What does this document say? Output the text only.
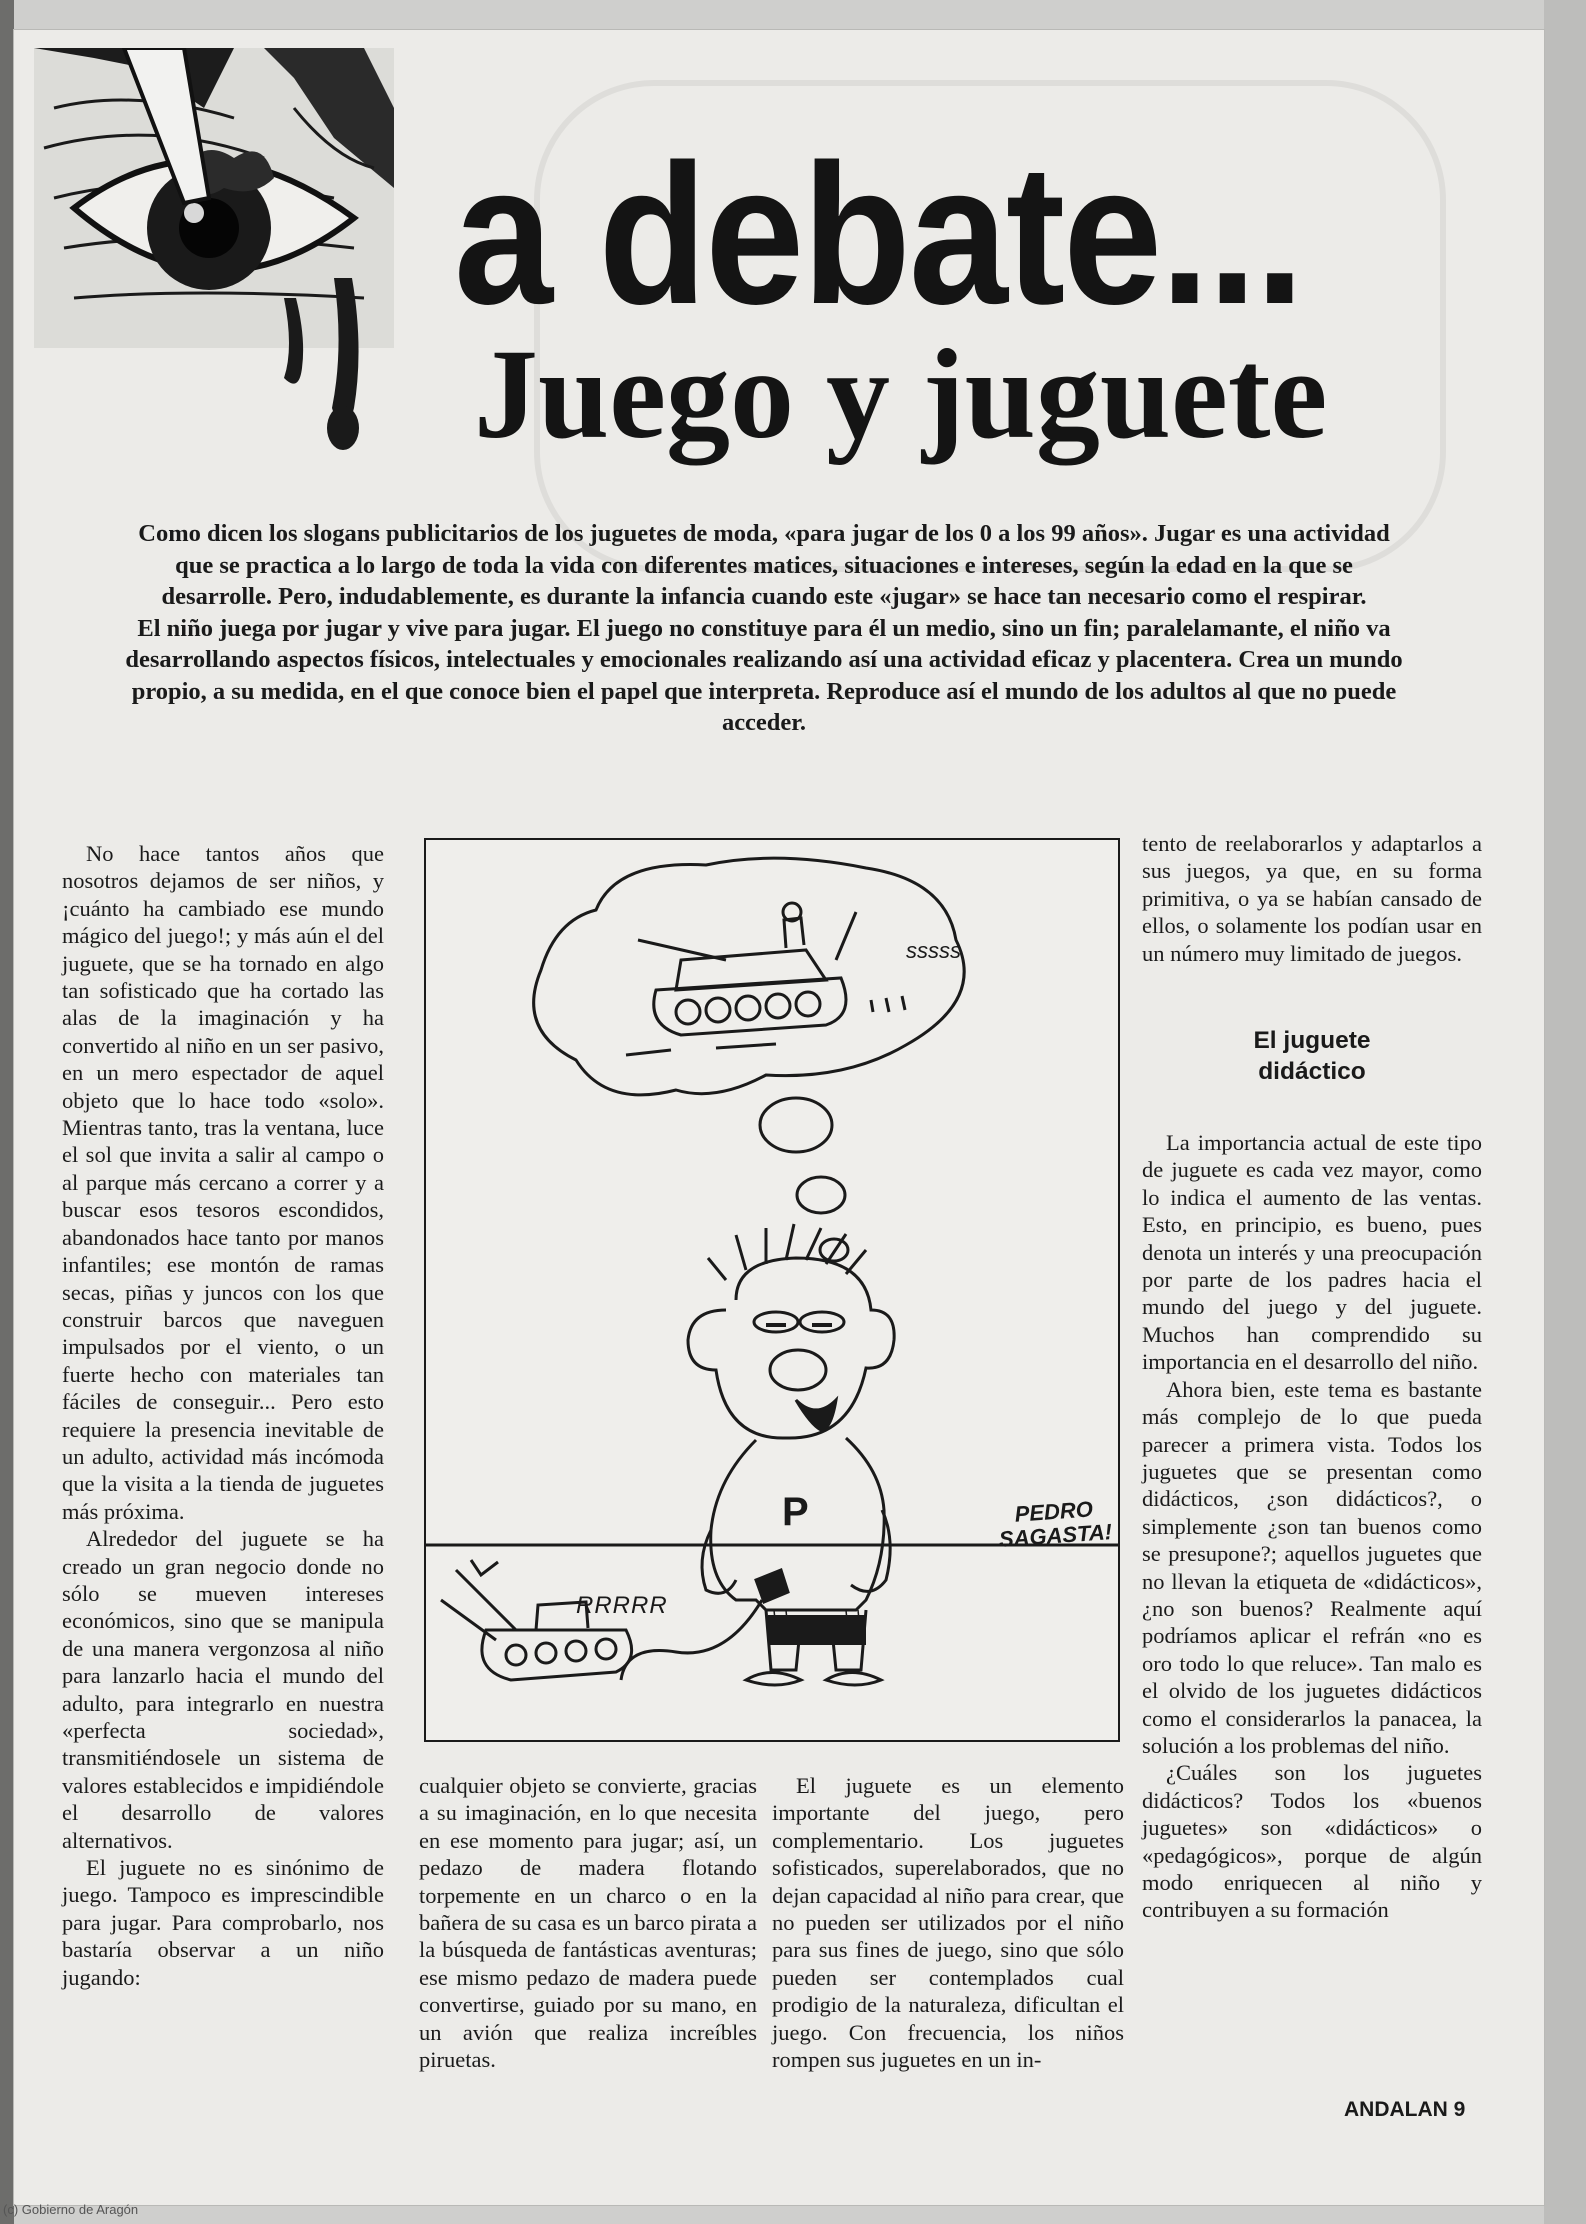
a debate...
Juego y juguete

Como dicen los slogans publicitarios de los juguetes de moda, «para jugar de los 0 a los 99 años». Jugar es una actividad que se practica a lo largo de toda la vida con diferentes matices, situaciones e intereses, según la edad en la que se desarrolle. Pero, indudablemente, es durante la infancia cuando este «jugar» se hace tan necesario como el respirar.

El niño juega por jugar y vive para jugar. El juego no constituye para él un medio, sino un fin; paralelamante, el niño va desarrollando aspectos físicos, intelectuales y emocionales realizando así una actividad eficaz y placentera. Crea un mundo propio, a su medida, en el que conoce bien el papel que interpreta. Reproduce así el mundo de los adultos al que no puede acceder.

No hace tantos años que nosotros dejamos de ser niños, y ¡cuánto ha cambiado ese mundo mágico del juego!; y más aún el del juguete, que se ha tornado en algo tan sofisticado que ha cortado las alas de la imaginación y ha convertido al niño en un ser pasivo, en un mero espectador de aquel objeto que lo hace todo «solo». Mientras tanto, tras la ventana, luce el sol que invita a salir al campo o al parque más cercano a correr y a buscar esos tesoros escondidos, abandonados hace tanto por manos infantiles; ese montón de ramas secas, piñas y juncos con los que construir barcos que naveguen impulsados por el viento, o un fuerte hecho con materiales tan fáciles de conseguir... Pero esto requiere la presencia inevitable de un adulto, actividad más incómoda que la visita a la tienda de juguetes más próxima.

Alrededor del juguete se ha creado un gran negocio donde no sólo se mueven intereses económicos, sino que se manipula de una manera vergonzosa al niño para lanzarlo hacia el mundo del adulto, para integrarlo en nuestra «perfecta sociedad», transmitiéndosele un sistema de valores establecidos e impidiéndole el desarrollo de valores alternativos.

El juguete no es sinónimo de juego. Tampoco es imprescindible para jugar. Para comprobarlo, nos bastaría observar a un niño jugando:

sssss
RRRRR
P	PEDRO
SAGASTA!

cualquier objeto se convierte, gracias a su imaginación, en lo que necesita en ese momento para jugar; así, un pedazo de madera flotando torpemente en un charco o en la bañera de su casa es un barco pirata a la búsqueda de fantásticas aventuras; ese mismo pedazo de madera puede convertirse, guiado por su mano, en un avión que realiza increíbles piruetas.

El juguete es un elemento importante del juego, pero complementario. Los juguetes sofisticados, superelaborados, que no dejan capacidad al niño para crear, que no pueden ser utilizados por el niño para sus fines de juego, sino que sólo pueden ser contemplados cual prodigio de la naturaleza, dificultan el juego. Con frecuencia, los niños rompen sus juguetes en un in-

tento de reelaborarlos y adaptarlos a sus juegos, ya que, en su forma primitiva, o ya se habían cansado de ellos, o solamente los podían usar en un número muy limitado de juegos.

El juguete
didáctico

La importancia actual de este tipo de juguete es cada vez mayor, como lo indica el aumento de las ventas. Esto, en principio, es bueno, pues denota un interés y una preocupación por parte de los padres hacia el mundo del juego y del juguete. Muchos han comprendido su importancia en el desarrollo del niño.

Ahora bien, este tema es bastante más complejo de lo que pueda parecer a primera vista. Todos los juguetes que se presentan como didácticos, ¿son didácticos?, o simplemente ¿son tan buenos como se presupone?; aquellos juguetes que no llevan la etiqueta de «didácticos», ¿no son buenos? Realmente aquí podríamos aplicar el refrán «no es oro todo lo que reluce». Tan malo es el olvido de los juguetes didácticos como el considerarlos la panacea, la solución a los problemas del niño.

¿Cuáles son los juguetes didácticos? Todos los «buenos juguetes» son «didácticos» o «pedagógicos», porque de algún modo enriquecen al niño y contribuyen a su formación

ANDALAN 9
(c) Gobierno de Aragón
